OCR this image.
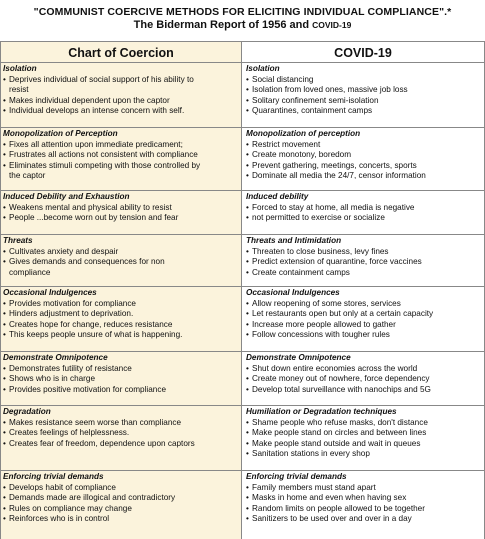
"COMMUNIST COERCIVE METHODS FOR ELICITING INDIVIDUAL COMPLIANCE".*
The Biderman Report of 1956 and COVID-19
Chart of Coercion
Isolation
• Deprives individual of social support of his ability to
resist
• Makes individual dependent upon the captor
• Individual develops an intense concern with self.
Monopolization of Perception
• Fixes all attention upon immediate predicament;
• Frustrates all actions not consistent with compliance
• Eliminates stimuli competing with those controlled by
the captor
Induced Debility and Exhaustion
• Weakens mental and physical ability to resist
• People ...become worn out by tension and fear
Threats
• Cultivates anxiety and despair
• Gives demands and consequences for non
compliance
Occasional Indulgences
• Provides motivation for compliance
• Hinders adjustment to deprivation.
• Creates hope for change, reduces resistance
• This keeps people unsure of what is happening.
Demonstrate Omnipotence
• Demonstrates futility of resistance
• Shows who is in charge
• Provides positive motivation for compliance
Degradation
• Makes resistance seem worse than compliance
• Creates feelings of helplessness.
• Creates fear of freedom, dependence upon captors
Enforcing trivial demands
• Develops habit of compliance
• Demands made are illogical and contradictory
• Rules on compliance may change
• Reinforces who is in control
COVID-19
Isolation
• Social distancing
• Isolation from loved ones, massive job loss
• Solitary confinement semi-isolation
• Quarantines, containment camps
Monopolization of perception
• Restrict movement
• Create monotony, boredom
• Prevent gathering, meetings, concerts, sports
• Dominate all media the 24/7, censor information
Induced debility
• Forced to stay at home, all media is negative
• not permitted to exercise or socialize
Threats and Intimidation
• Threaten to close business, levy fines
• Predict extension of quarantine, force vaccines
• Create containment camps
Occasional Indulgences
• Allow reopening of some stores, services
• Let restaurants open but only at a certain capacity
• Increase more people allowed to gather
• Follow concessions with tougher rules
Demonstrate Omnipotence
• Shut down entire economies across the world
• Create money out of nowhere, force dependency
• Develop total surveillance with nanochips and 5G
Humiliation or Degradation techniques
• Shame people who refuse masks, don't distance
• Make people stand on circles and between lines
• Make people stand outside and wait in queues
• Sanitation stations in every shop
Enforcing trivial demands
• Family members must stand apart
• Masks in home and even when having sex
• Random limits on people allowed to be together
• Sanitizers to be used over and over in a day
